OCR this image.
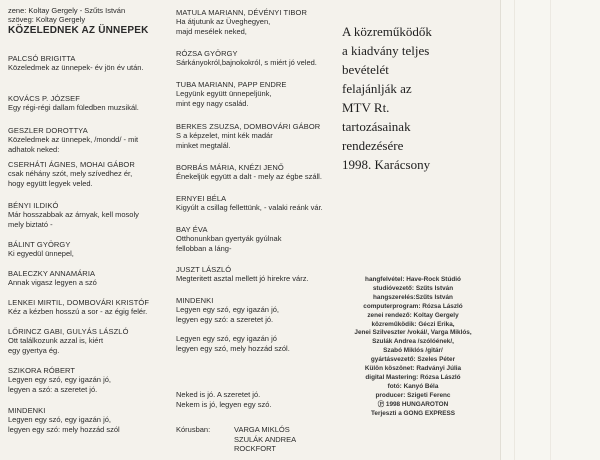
zene: Koltay Gergely - Szűts István
szöveg: Koltay Gergely
KÖZELEDNEK AZ ÜNNEPEK
PALCSÓ BRIGITTA
Közeledmek az ünnepek- év jön év után.
KOVÁCS P. JÓZSEF
Egy régi-régi dallam füledben muzsikál.
GESZLER DOROTTYA
Közeledmek az ünnepek, /mondd/ - mit
adhatok neked:
CSERHÁTI ÁGNES, MOHAI GÁBOR
csak néhány szót, mely szívedhez ér,
hogy együtt legyek veled.
BÉNYI ILDIKÓ
Már hosszabbak az árnyak, kell mosoly
mely biztató -
BÁLINT GYÖRGY
Ki egyedül ünnepel,
BALECZKY ANNAMÁRIA
Annak vigasz legyen a szó
LENKEI MIRTIL, DOMBOVÁRI KRISTÓF
Kéz a kézben hosszú a sor - az égig felér.
LŐRINCZ GABI, GULYÁS LÁSZLÓ
Ott találkozunk azzal is, kiért
egy gyertya ég.
SZIKORA RÓBERT
Legyen egy szó, egy igazán jó,
legyen a szó: a szeretet jó.
MINDENKI
Legyen egy szó, egy igazán jó,
legyen egy szó: mely hozzád szól
MATULA MARIANN, DÉVÉNYI TIBOR
Ha átjutunk az Üveghegyen,
majd mesélek neked,
RÓZSA GYÖRGY
Sárkányokról,bajnokokról, s miért jó veled.
TUBA MARIANN, PAPP ENDRE
Legyünk együtt ünnepeljünk,
mint egy nagy család.
BERKES ZSUZSA, DOMBOVÁRI GÁBOR
S a képzelet, mint kék madár
minket megtalál.
BORBÁS MÁRIA, KNÉZI JENŐ
Énekeljük együtt a dalt - mely az égbe száll.
ERNYEI BÉLA
Kigyúlt a csillag fellettünk, - valaki reánk vár.
BAY ÉVA
Otthonunkban gyertyák gyúlnak
fellobban a láng-
JUSZT LÁSZLÓ
Megteritett asztal mellett jó hirekre várz.
MINDENKI
Legyen egy szó, egy igazán jó,
legyen egy szó: a szeretet jó.
Legyen egy szó, egy igazán jó
legyen egy szó, mely hozzád szól.
Neked is jó. A szeretet jó.
Nekem is jó, legyen egy szó.
Kórusban:	VARGA MIKLÓS
SZULÁK ANDREA
ROCKFORT
A közreműködők
a kiadvány teljes
bevételét
felajánlják az
MTV Rt.
tartozásainak
rendezésére
1998. Karácsony
hangfelvétel: Have-Rock Stúdió
studióvezető: Szűts István
hangszerelés:Szűts István
computerprogram: Rózsa László
zenei rendező: Koltay Gergely
közreműködik: Géczi Erika,
Jenei Szilveszter /vokál/, Varga Miklós,
Szulák Andrea /szólóének/,
Szabó Miklós /gitár/
gyártásvezető: Szeles Péter
Külön köszönet: Radványi Júlia
digital Mastering: Rózsa László
fotó: Kanyó Béla
producer: Szigeti Ferenc
Ⓟ 1998 HUNGAROTON
Terjeszti a GONG EXPRESS
